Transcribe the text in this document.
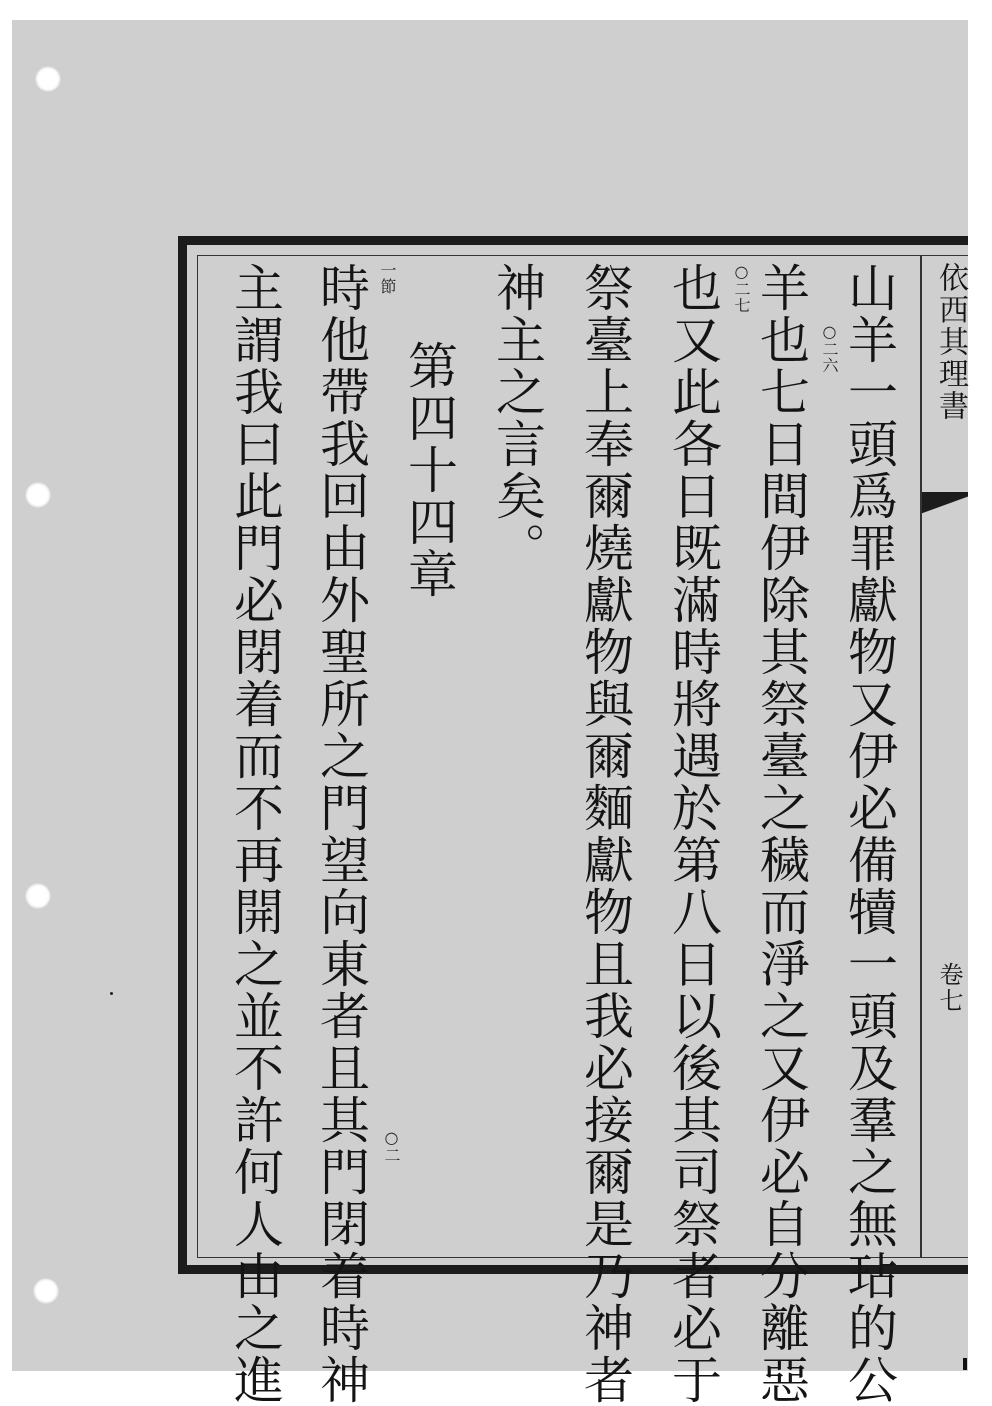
依西其理書
卷七
山羊一頭爲罪獻物又伊必備犢一頭及羣之無玷的公
羊也七日間伊除其祭臺之穢而淨之又伊必自分離惡
也又此各日既滿時將遇於第八日以後其司祭者必于
祭臺上奉爾燒獻物與爾麵獻物且我必接爾是乃神者
神主之言矣。
第四十四章
時他帶我回由外聖所之門望向東者且其門閉着時神
主謂我曰此門必閉着而不再開之並不許何人由之進	○二六
○二七
一節
○二
